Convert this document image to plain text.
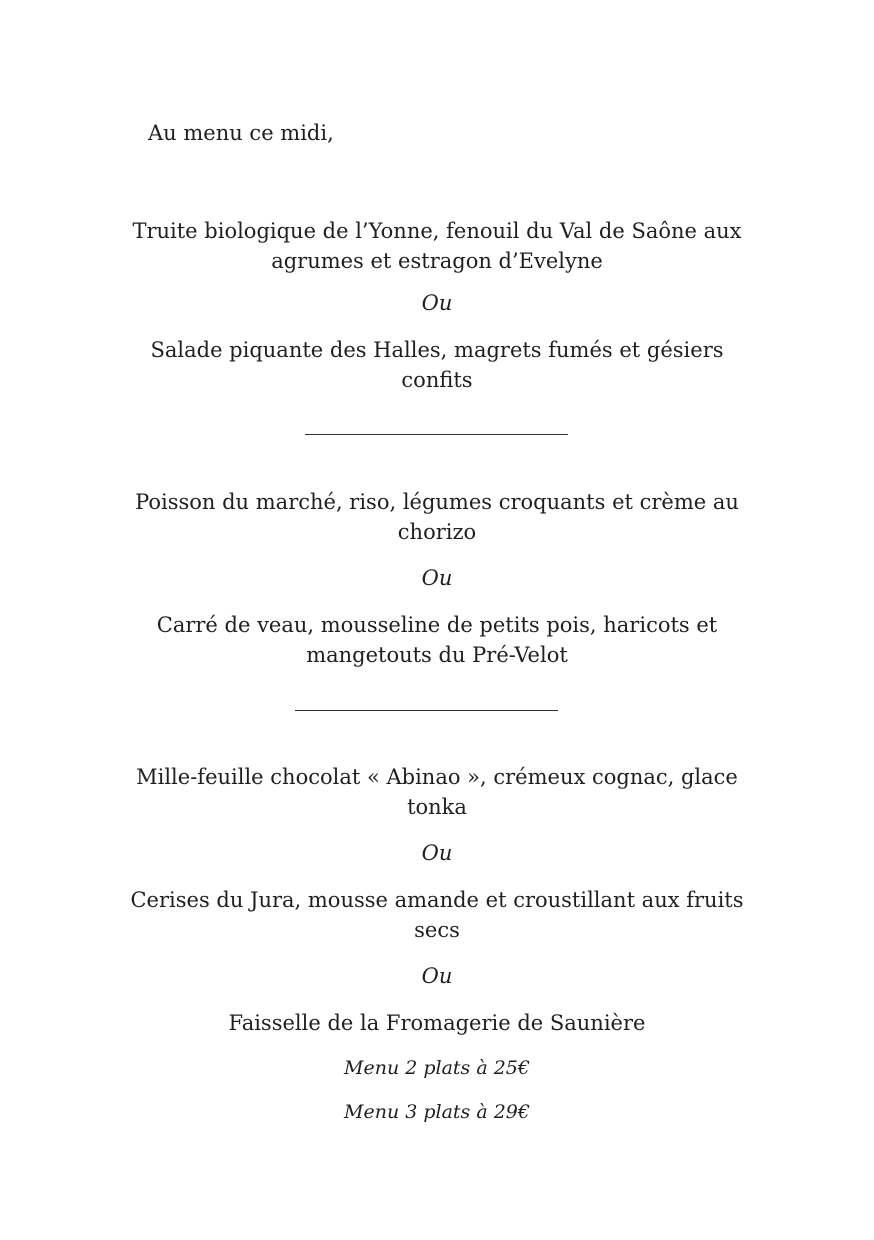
Au menu ce midi,
Truite biologique de l’Yonne, fenouil du Val de Saône aux agrumes et estragon d’Evelyne
Ou
Salade piquante des Halles, magrets fumés et gésiers confits
Poisson du marché, riso, légumes croquants et crème au chorizo
Ou
Carré de veau, mousseline de petits pois, haricots et mangetouts du Pré-Velot
Mille-feuille chocolat « Abinao », crémeux cognac, glace tonka
Ou
Cerises du Jura, mousse amande et croustillant aux fruits secs
Ou
Faisselle de la Fromagerie de Saunière
Menu 2 plats à 25€
Menu 3 plats à 29€
